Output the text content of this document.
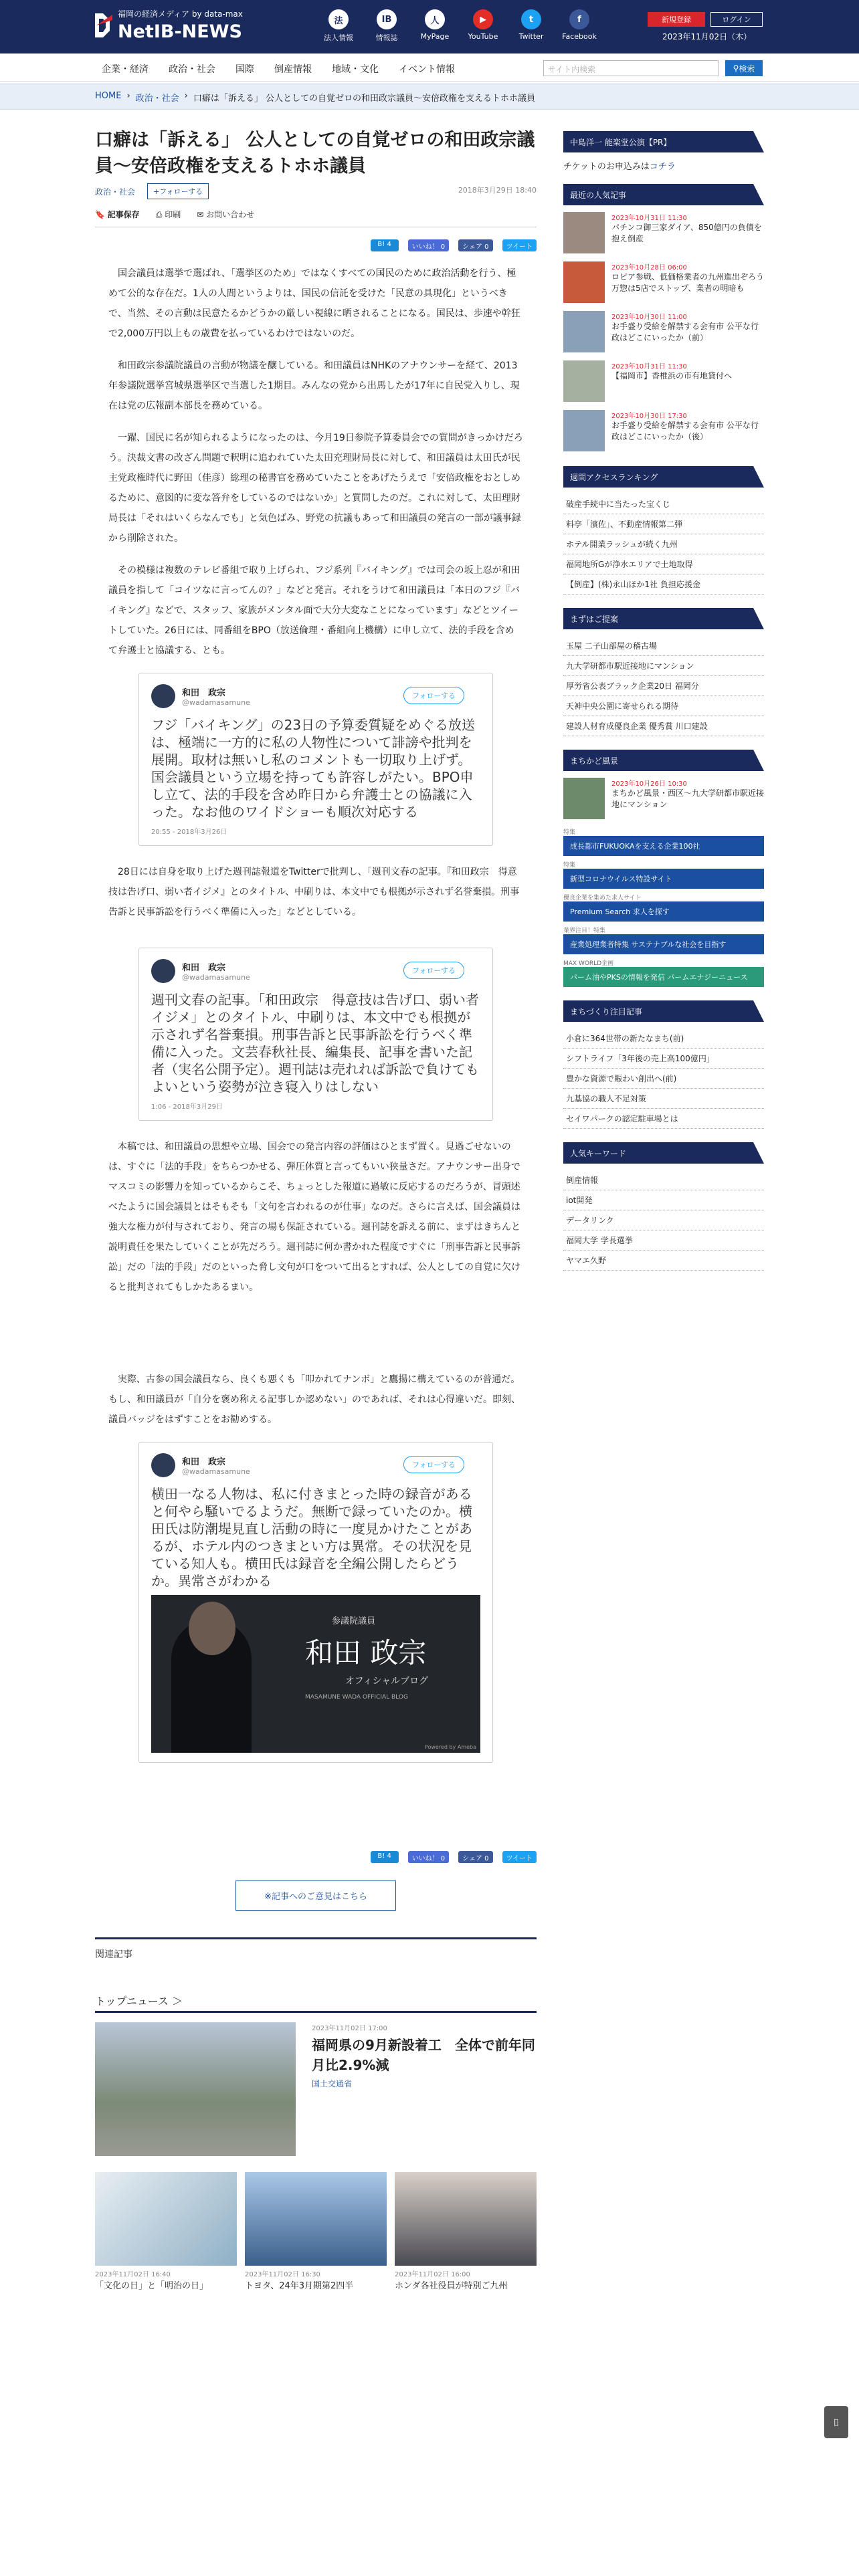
福岡の経済メディア by data-max
NetIB-NEWS
法
法人情報
IB
情報誌
人
MyPage
▶
YouTube
t
Twitter
f
Facebook
新規登録	ログイン
2023年11月02日（木）
企業・経済 政治・社会 国際 倒産情報 地域・文化 イベント情報	サイト内検索	⚲ 検索
HOME › 政治・社会 › 口癖は「訴える」 公人としての自覚ゼロの和田政宗議員～安倍政権を支えるトホホ議員
口癖は「訴える」 公人としての自覚ゼロの和田政宗議員～安倍政権を支えるトホホ議員
政治・社会	+フォローする	2018年3月29日 18:40
🔖 記事保存 ⎙ 印刷 ✉ お問い合わせ
B! 4	いいね！ 0	シェア 0	ツイート

国会議員は選挙で選ばれ、「選挙区のため」ではなくすべての国民のために政治活動を行う、極めて公的な存在だ。1人の人間というよりは、国民の信託を受けた「民意の具現化」というべきで、当然、その言動は民意たるかどうかの厳しい視線に晒されることになる。国民は、歩速や幹狂で2,000万円以上もの歳費を払っているわけではないのだ。

和田政宗参議院議員の言動が物議を醸している。和田議員はNHKのアナウンサーを経て、2013年参議院選挙宮城県選挙区で当選した1期目。みんなの党から出馬したが17年に自民党入りし、現在は党の広報副本部長を務めている。

一躍、国民に名が知られるようになったのは、今月19日参院予算委員会での質問がきっかけだろう。決裁文書の改ざん問題で釈明に追われていた太田充理財局長に対して、和田議員は太田氏が民主党政権時代に野田（佳彦）総理の秘書官を務めていたことをあげたうえで「安倍政権をおとしめるために、意図的に変な答弁をしているのではないか」と質問したのだ。これに対して、太田理財局長は「それはいくらなんでも」と気色ばみ、野党の抗議もあって和田議員の発言の一部が議事録から削除された。

その模様は複数のテレビ番組で取り上げられ、フジ系列『バイキング』では司会の坂上忍が和田議員を指して「コイツなに言ってんの？」などと発言。それをうけて和田議員は「本日のフジ『バイキング』などで、スタッフ、家族がメンタル面で大分大変なことになっています」などとツイートしていた。26日には、同番組をBPO（放送倫理・番組向上機構）に申し立て、法的手段を含めて弁護士と協議する、とも。

和田　政宗
@wadamasamune
フォローする
フジ「バイキング」の23日の予算委質疑をめぐる放送は、極端に一方的に私の人物性について誹謗や批判を展開。取材は無いし私のコメントも一切取り上げず。国会議員という立場を持っても許容しがたい。BPO申し立て、法的手段を含め昨日から弁護士との協議に入った。なお他のワイドショーも順次対応する
20:55 - 2018年3月26日

28日には自身を取り上げた週刊誌報道をTwitterで批判し、「週刊文春の記事。『和田政宗　得意技は告げ口、弱い者イジメ』とのタイトル、中刷りは、本文中でも根拠が示されず名誉棄損。刑事告訴と民事訴訟を行うべく準備に入った」などとしている。

和田　政宗
@wadamasamune
フォローする
週刊文春の記事。「和田政宗　得意技は告げ口、弱い者イジメ」とのタイトル、中刷りは、本文中でも根拠が示されず名誉棄損。刑事告訴と民事訴訟を行うべく準備に入った。文芸春秋社長、編集長、記事を書いた記者（実名公開予定）。週刊誌は売れれば訴訟で負けてもよいという姿勢が泣き寝入りはしない
1:06 - 2018年3月29日

本稿では、和田議員の思想や立場、国会での発言内容の評価はひとまず置く。見過ごせないのは、すぐに「法的手段」をちらつかせる、弾圧体質と言ってもいい狭量さだ。アナウンサー出身でマスコミの影響力を知っているからこそ、ちょっとした報道に過敏に反応するのだろうが、冒頭述べたように国会議員とはそもそも「文句を言われるのが仕事」なのだ。さらに言えば、国会議員は強大な権力が付与されており、発言の場も保証されている。週刊誌を訴える前に、まずはきちんと説明責任を果たしていくことが先だろう。週刊誌に何か書かれた程度ですぐに「刑事告訴と民事訴訟」だの「法的手段」だのといった脅し文句が口をついて出るとすれば、公人としての自覚に欠けると批判されてもしかたあるまい。

実際、古参の国会議員なら、良くも悪くも「叩かれてナンボ」と鷹揚に構えているのが普通だ。もし、和田議員が「自分を褒め称える記事しか認めない」のであれば、それは心得違いだ。即刻、議員バッジをはずすことをお勧めする。

和田　政宗
@wadamasamune
フォローする
横田一なる人物は、私に付きまとった時の録音があると何やら騒いでるようだ。無断で録っていたのか。横田氏は防潮堤見直し活動の時に一度見かけたことがあるが、ホテル内のつきまとい方は異常。その状況を見ている知人も。横田氏は録音を全編公開したらどうか。異常さがわかる
参議院議員
和田 政宗
オフィシャルブログ
MASAMUNE WADA OFFICIAL BLOG
Powered by Ameba
B! 4	いいね！ 0	シェア 0	ツイート
※記事へのご意見はこちら
関連記事
トップニュース ＞
2023年11月02日 17:00
福岡県の9月新設着工　全体で前年同月比2.9%減
国土交通省
2023年11月02日 16:40
「文化の日」と「明治の日」
2023年11月02日 16:30
トヨタ、24年3月期第2四半
2023年11月02日 16:00
ホンダ各社役員が特別ご九州
中島洋一 能楽堂公演【PR】
チケットのお申込みはコチラ
最近の人気記事
2023年10月31日 11:30
パチンコ御三家ダイア、850億円の負債を抱え倒産
2023年10月28日 06:00
ロピア参戦、低価格業者の九州進出ぞろう 万惣は5店でストップ、業者の明暗も
2023年10月30日 11:00
お手盛り受給を解禁する会有市 公平な行政はどこにいったか（前）
2023年10月31日 11:30
【福岡市】香椎浜の市有地貸付へ
2023年10月30日 17:30
お手盛り受給を解禁する会有市 公平な行政はどこにいったか（後）
週間アクセスランキング
破産手続中に当たった宝くじ
料亭「濱佐」、不動産情報第二弾
ホテル開業ラッシュが続く九州
福岡地所Gが浄水エリアで土地取得
【倒産】(株)永山ほか1社 負担応援金
まずはご提案
玉屋 二子山部屋の稽古場
九大学研都市駅近接地にマンション
厚労省公表ブラック企業20日 福岡分
天神中央公園に寄せられる期待
建設人材育成優良企業 優秀賞 川口建設
まちかど風景
2023年10月26日 10:30
まちかど風景・西区～九大学研都市駅近接地にマンション
特集
成長都市FUKUOKAを支える企業100社
特集
新型コロナウイルス特設サイト
優良企業を集めた求人サイト
Premium Search 求人を探す
業界注目！特集
産業処理業者特集 サステナブルな社会を目指す
MAX WORLD企画
パーム油やPKSの情報を発信 パームエナジーニュース
まちづくり注目記事
小倉に364世帯の新たなまち(前)
シフトライフ「3年後の売上高100億円」
豊かな資源で賑わい創出へ(前)
九基協の職人不足対策
セイワパークの認定駐車場とは
人気キーワード
倒産情報
iot開発
データリンク
福岡大学 学長選挙
ヤマエ久野
▯
